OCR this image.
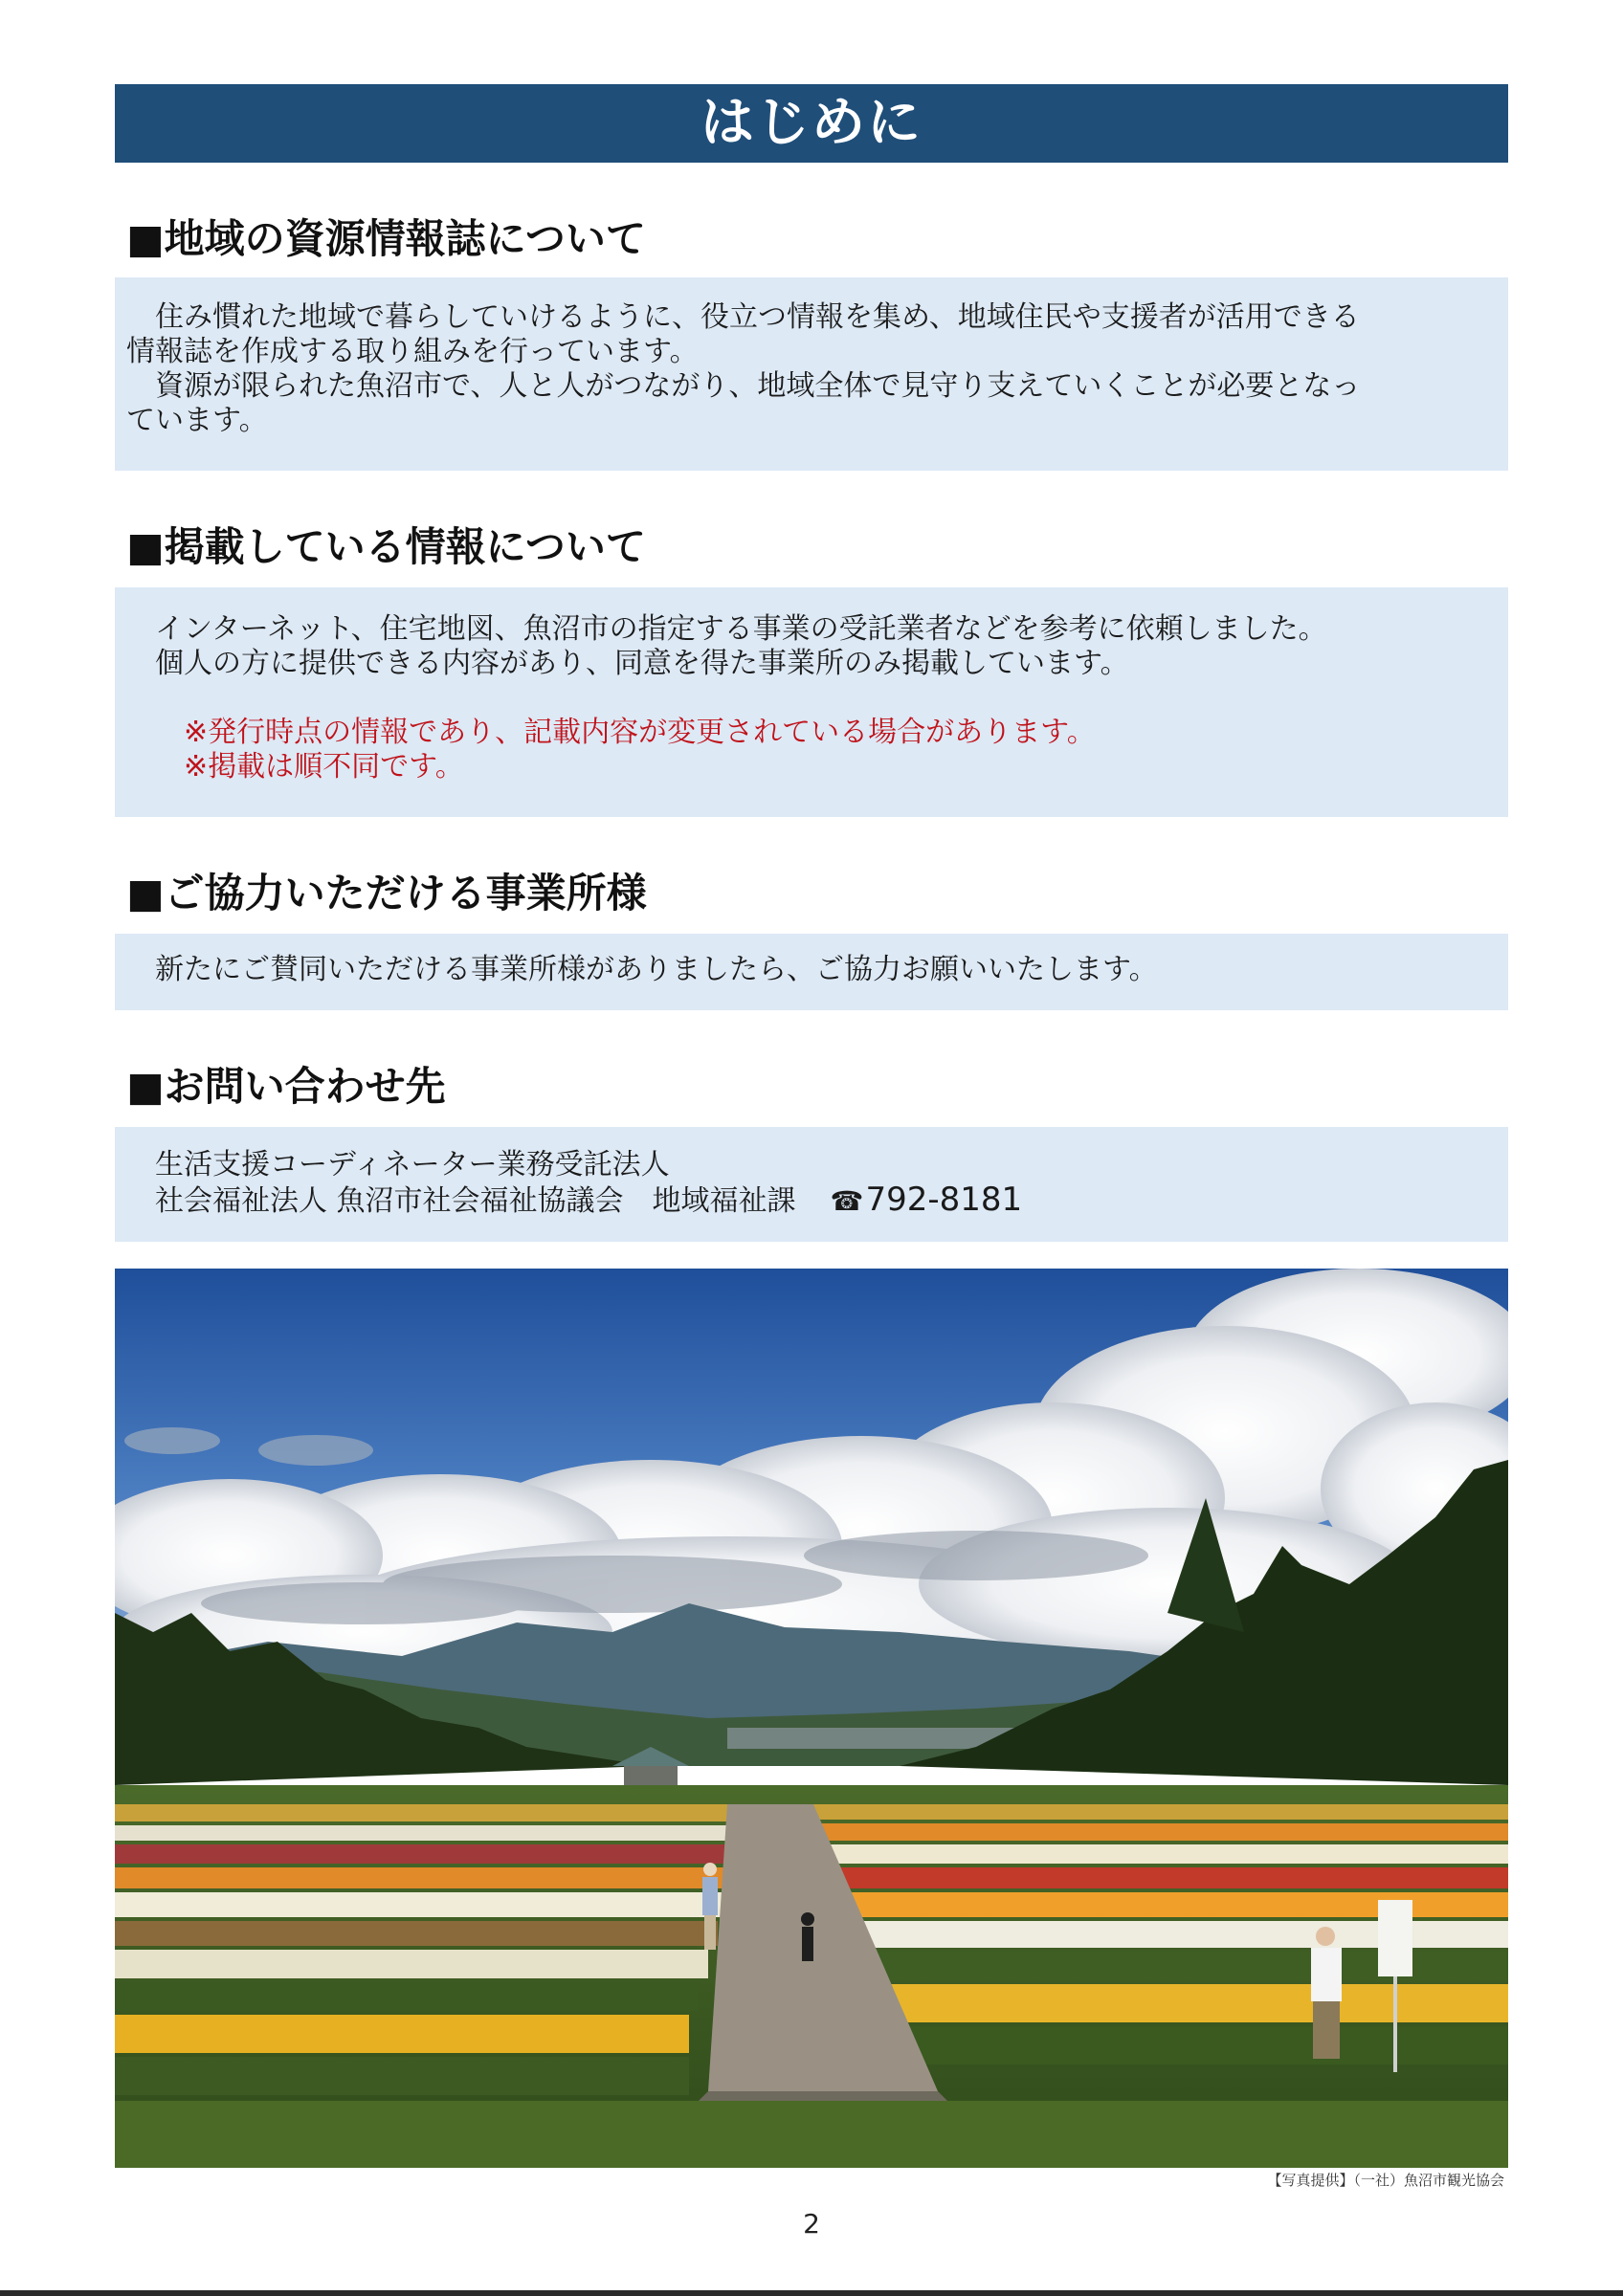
はじめに
■地域の資源情報誌について

　住み慣れた地域で暮らしていけるように、役立つ情報を集め、地域住民や支援者が活用できる

情報誌を作成する取り組みを行っています。

　資源が限られた魚沼市で、人と人がつながり、地域全体で見守り支えていくことが必要となっ

ています。

■掲載している情報について

インターネット、住宅地図、魚沼市の指定する事業の受託業者などを参考に依頼しました。

個人の方に提供できる内容があり、同意を得た事業所のみ掲載しています。

※発行時点の情報であり、記載内容が変更されている場合があります。

※掲載は順不同です。

■ご協力いただける事業所様

新たにご賛同いただける事業所様がありましたら、ご協力お願いいたします。

■お問い合わせ先

生活支援コーディネーター業務受託法人

社会福祉法人 魚沼市社会福祉協議会　地域福祉課 ☎792-8181

【写真提供】（一社）魚沼市観光協会
2
